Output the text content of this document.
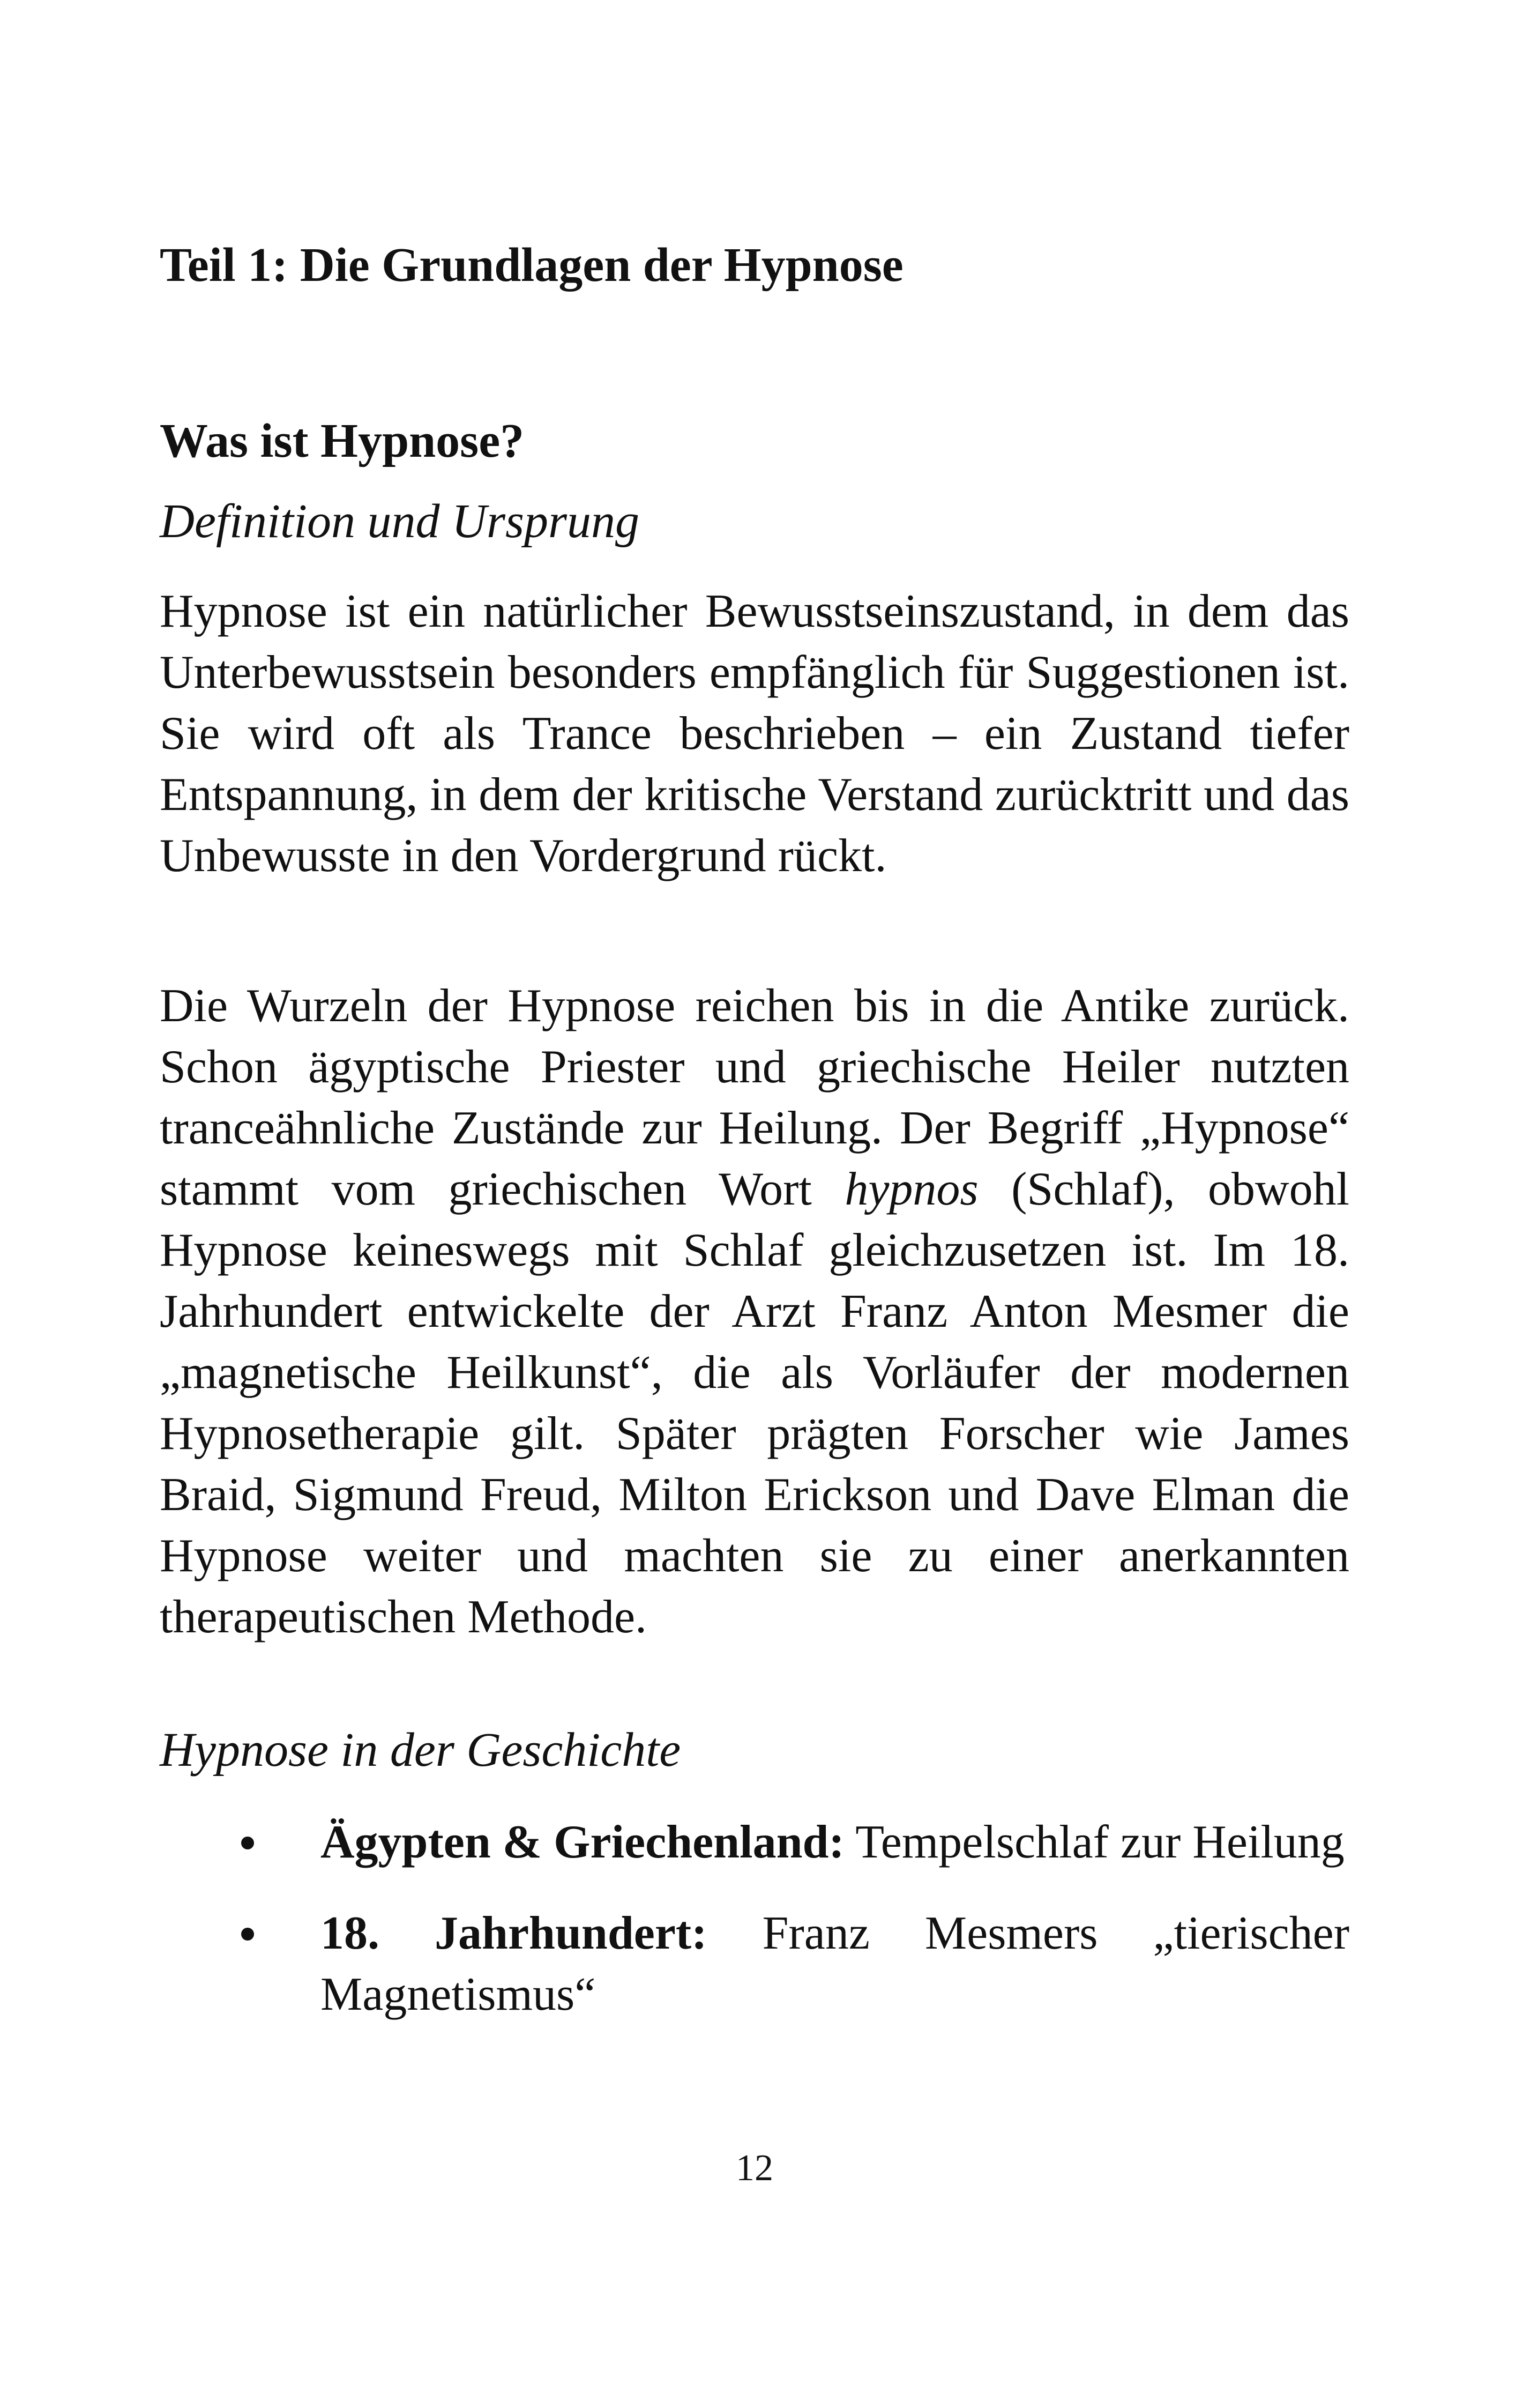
Teil 1: Die Grundlagen der Hypnose
Was ist Hypnose?
Definition und Ursprung

Hypnose ist ein natürlicher Bewusstseinszustand, in dem das Unterbewusstsein besonders empfänglich für Suggestionen ist. Sie wird oft als Trance beschrieben – ein Zustand tiefer Entspannung, in dem der kritische Verstand zurücktritt und das Unbewusste in den Vordergrund rückt.

Die Wurzeln der Hypnose reichen bis in die Antike zurück. Schon ägyptische Priester und griechische Heiler nutzten tranceähnliche Zustände zur Heilung. Der Begriff „Hypnose“ stammt vom griechischen Wort hypnos (Schlaf), obwohl Hypnose keineswegs mit Schlaf gleichzusetzen ist. Im 18. Jahrhundert entwickelte der Arzt Franz Anton Mesmer die „magnetische Heilkunst“, die als Vorläufer der modernen Hypnosetherapie gilt. Später prägten Forscher wie James Braid, Sigmund Freud, Milton Erickson und Dave Elman die Hypnose weiter und machten sie zu einer anerkannten therapeutischen Methode.

Hypnose in der Geschichte
Ägypten & Griechenland: Tempelschlaf zur Heilung
18. Jahrhundert: Franz Mesmers „tierischer Magnetismus“

12
